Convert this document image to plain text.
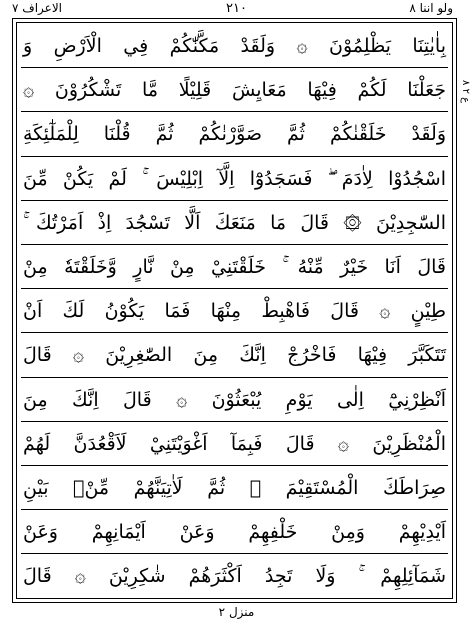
الاعراف ٧	٢١٠	ولو اننا ٨
بِاٰيٰتِنَا يَظْلِمُوْنَ ۞ وَلَقَدْ مَكَّنّٰكُمْ فِي الْاَرْضِ وَ
جَعَلْنَا لَكُمْ فِيْهَا مَعَايِشَ قَلِيْلًا مَّا تَشْكُرُوْنَ ۞
وَلَقَدْ خَلَقْنٰكُمْ ثُمَّ صَوَّرْنٰكُمْ ثُمَّ قُلْنَا لِلْمَلٰٓئِكَةِ
اسْجُدُوْا لِاٰدَمَ ۖ فَسَجَدُوْٓا اِلَّآ اِبْلِيْسَ ۚ لَمْ يَكُنْ مِّنَ
السّٰجِدِيْنَ ۞ قَالَ مَا مَنَعَكَ اَلَّا تَسْجُدَ اِذْ اَمَرْتُكَ ۚ
قَالَ اَنَا خَيْرٌ مِّنْهُ ۚ خَلَقْتَنِيْ مِنْ نَّارٍ وَّخَلَقْتَهٗ مِنْ
طِيْنٍ ۞ قَالَ فَاهْبِطْ مِنْهَا فَمَا يَكُوْنُ لَكَ اَنْ
تَتَكَبَّرَ فِيْهَا فَاخْرُجْ اِنَّكَ مِنَ الصّٰغِرِيْنَ ۞ قَالَ
اَنْظِرْنِيْٓ اِلٰى يَوْمِ يُبْعَثُوْنَ ۞ قَالَ اِنَّكَ مِنَ
الْمُنْظَرِيْنَ ۞ قَالَ فَبِمَآ اَغْوَيْتَنِيْ لَاَقْعُدَنَّ لَهُمْ
صِرَاطَكَ الْمُسْتَقِيْمَ ۞ ثُمَّ لَاٰتِيَنَّهُمْ مِّنْۢ بَيْنِ
اَيْدِيْهِمْ وَمِنْ خَلْفِهِمْ وَعَنْ اَيْمَانِهِمْ وَعَنْ
شَمَآئِلِهِمْ ۚ وَلَا تَجِدُ اَكْثَرَهُمْ شٰكِرِيْنَ ۞ قَالَ
ع ٢ ٨
منزل ٢
